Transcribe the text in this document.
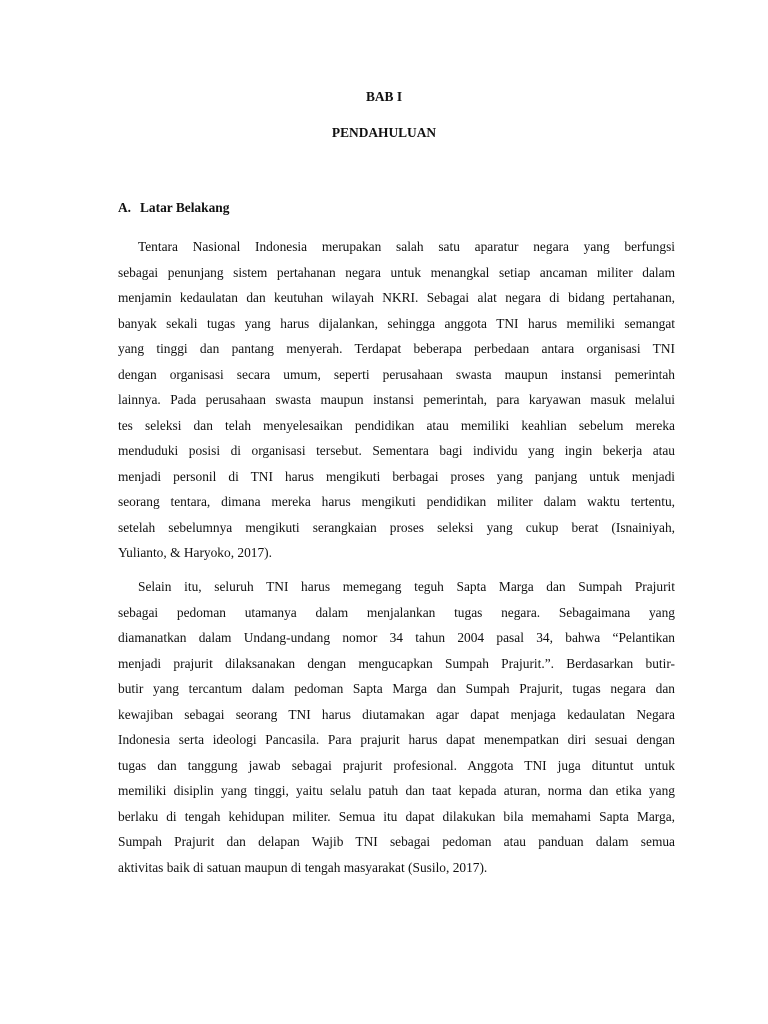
BAB I
PENDAHULUAN
A. Latar Belakang
Tentara Nasional Indonesia merupakan salah satu aparatur negara yang berfungsi
sebagai penunjang sistem pertahanan negara untuk menangkal setiap ancaman militer dalam
menjamin kedaulatan dan keutuhan wilayah NKRI. Sebagai alat negara di bidang pertahanan,
banyak sekali tugas yang harus dijalankan, sehingga anggota TNI harus memiliki semangat
yang tinggi dan pantang menyerah. Terdapat beberapa perbedaan antara organisasi TNI
dengan organisasi secara umum, seperti perusahaan swasta maupun instansi pemerintah
lainnya. Pada perusahaan swasta maupun instansi pemerintah, para karyawan masuk melalui
tes seleksi dan telah menyelesaikan pendidikan atau memiliki keahlian sebelum mereka
menduduki posisi di organisasi tersebut. Sementara bagi individu yang ingin bekerja atau
menjadi personil di TNI harus mengikuti berbagai proses yang panjang untuk menjadi
seorang tentara, dimana mereka harus mengikuti pendidikan militer dalam waktu tertentu,
setelah sebelumnya mengikuti serangkaian proses seleksi yang cukup berat (Isnainiyah,
Yulianto, & Haryoko, 2017).
Selain itu, seluruh TNI harus memegang teguh Sapta Marga dan Sumpah Prajurit
sebagai pedoman utamanya dalam menjalankan tugas negara. Sebagaimana yang
diamanatkan dalam Undang-undang nomor 34 tahun 2004 pasal 34, bahwa “Pelantikan
menjadi prajurit dilaksanakan dengan mengucapkan Sumpah Prajurit.”. Berdasarkan butir-
butir yang tercantum dalam pedoman Sapta Marga dan Sumpah Prajurit, tugas negara dan
kewajiban sebagai seorang TNI harus diutamakan agar dapat menjaga kedaulatan Negara
Indonesia serta ideologi Pancasila. Para prajurit harus dapat menempatkan diri sesuai dengan
tugas dan tanggung jawab sebagai prajurit profesional. Anggota TNI juga dituntut untuk
memiliki disiplin yang tinggi, yaitu selalu patuh dan taat kepada aturan, norma dan etika yang
berlaku di tengah kehidupan militer. Semua itu dapat dilakukan bila memahami Sapta Marga,
Sumpah Prajurit dan delapan Wajib TNI sebagai pedoman atau panduan dalam semua
aktivitas baik di satuan maupun di tengah masyarakat (Susilo, 2017).
